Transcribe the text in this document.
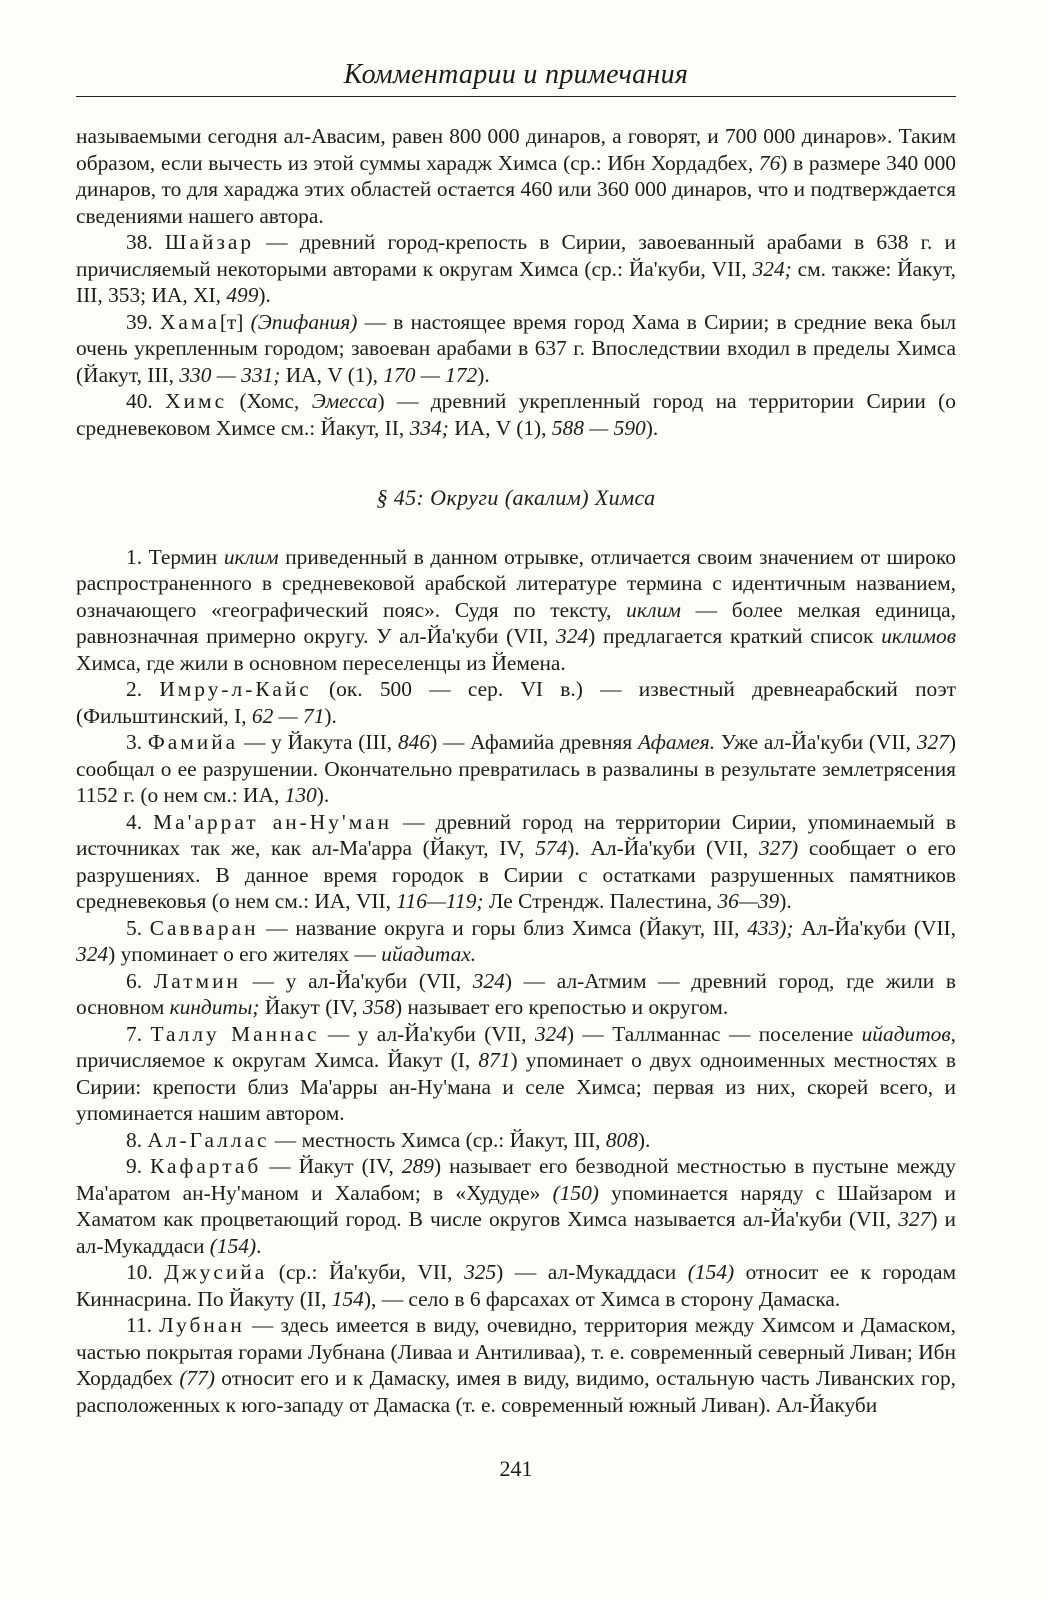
Комментарии и примечания

называемыми сегодня ал-Авасим, равен 800 000 динаров, а говорят, и 700 000 динаров». Таким образом, если вычесть из этой суммы харадж Химса (ср.: Ибн Хордадбех, 76) в размере 340 000 динаров, то для хараджа этих областей остается 460 или 360 000 динаров, что и подтверждается сведениями нашего автора.

38. Шайзар — древний город-крепость в Сирии, завоеванный арабами в 638 г. и причисляемый некоторыми авторами к округам Химса (ср.: Йа'куби, VII, 324; см. также: Йакут, III, 353; ИА, XI, 499).

39. Хама[т] (Эпифания) — в настоящее время город Хама в Сирии; в средние века был очень укрепленным городом; завоеван арабами в 637 г. Впоследствии входил в пределы Химса (Йакут, III, 330 — 331; ИА, V (1), 170 — 172).

40. Химс (Хомс, Эмесса) — древний укрепленный город на территории Сирии (о средневековом Химсе см.: Йакут, II, 334; ИА, V (1), 588 — 590).

§ 45: Округи (акалим) Химса

1. Термин иклим приведенный в данном отрывке, отличается своим значением от широко распространенного в средневековой арабской литературе термина с идентичным названием, означающего «географический пояс». Судя по тексту, иклим — более мелкая единица, равнозначная примерно округу. У ал-Йа'куби (VII, 324) предлагается краткий список иклимов Химса, где жили в основном переселенцы из Йемена.

2. Имру-л-Кайс (ок. 500 — сер. VI в.) — известный древнеарабский поэт (Фильштинский, I, 62 — 71).

3. Фамийа — у Йакута (III, 846) — Афамийа древняя Афамея. Уже ал-Йа'куби (VII, 327) сообщал о ее разрушении. Окончательно превратилась в развалины в результате землетрясения 1152 г. (о нем см.: ИА, 130).

4. Ма'аррат ан-Ну'ман — древний город на территории Сирии, упоминаемый в источниках так же, как ал-Ма'арра (Йакут, IV, 574). Ал-Йа'куби (VII, 327) сообщает о его разрушениях. В данное время городок в Сирии с остатками разрушенных памятников средневековья (о нем см.: ИА, VII, 116—119; Ле Стрендж. Палестина, 36—39).

5. Савваран — название округа и горы близ Химса (Йакут, III, 433); Ал-Йа'куби (VII, 324) упоминает о его жителях — ийадитах.

6. Латмин — у ал-Йа'куби (VII, 324) — ал-Атмим — древний город, где жили в основном киндиты; Йакут (IV, 358) называет его крепостью и округом.

7. Таллу Маннас — у ал-Йа'куби (VII, 324) — Таллманнас — поселение ийадитов, причисляемое к округам Химса. Йакут (I, 871) упоминает о двух одноименных местностях в Сирии: крепости близ Ма'арры ан-Ну'мана и селе Химса; первая из них, скорей всего, и упоминается нашим автором.

8. Ал-Галлас — местность Химса (ср.: Йакут, III, 808).

9. Кафартаб — Йакут (IV, 289) называет его безводной местностью в пустыне между Ма'аратом ан-Ну'маном и Халабом; в «Худуде» (150) упоминается наряду с Шайзаром и Хаматом как процветающий город. В числе округов Химса называется ал-Йа'куби (VII, 327) и ал-Мукаддаси (154).

10. Джусийа (ср.: Йа'куби, VII, 325) — ал-Мукаддаси (154) относит ее к городам Киннасрина. По Йакуту (II, 154), — село в 6 фарсахах от Химса в сторону Дамаска.

11. Лубнан — здесь имеется в виду, очевидно, территория между Химсом и Дамаском, частью покрытая горами Лубнана (Ливаа и Антиливаа), т. е. современный северный Ливан; Ибн Хордадбех (77) относит его и к Дамаску, имея в виду, видимо, остальную часть Ливанских гор, расположенных к юго-западу от Дамаска (т. е. современный южный Ливан). Ал-Йакуби

241
